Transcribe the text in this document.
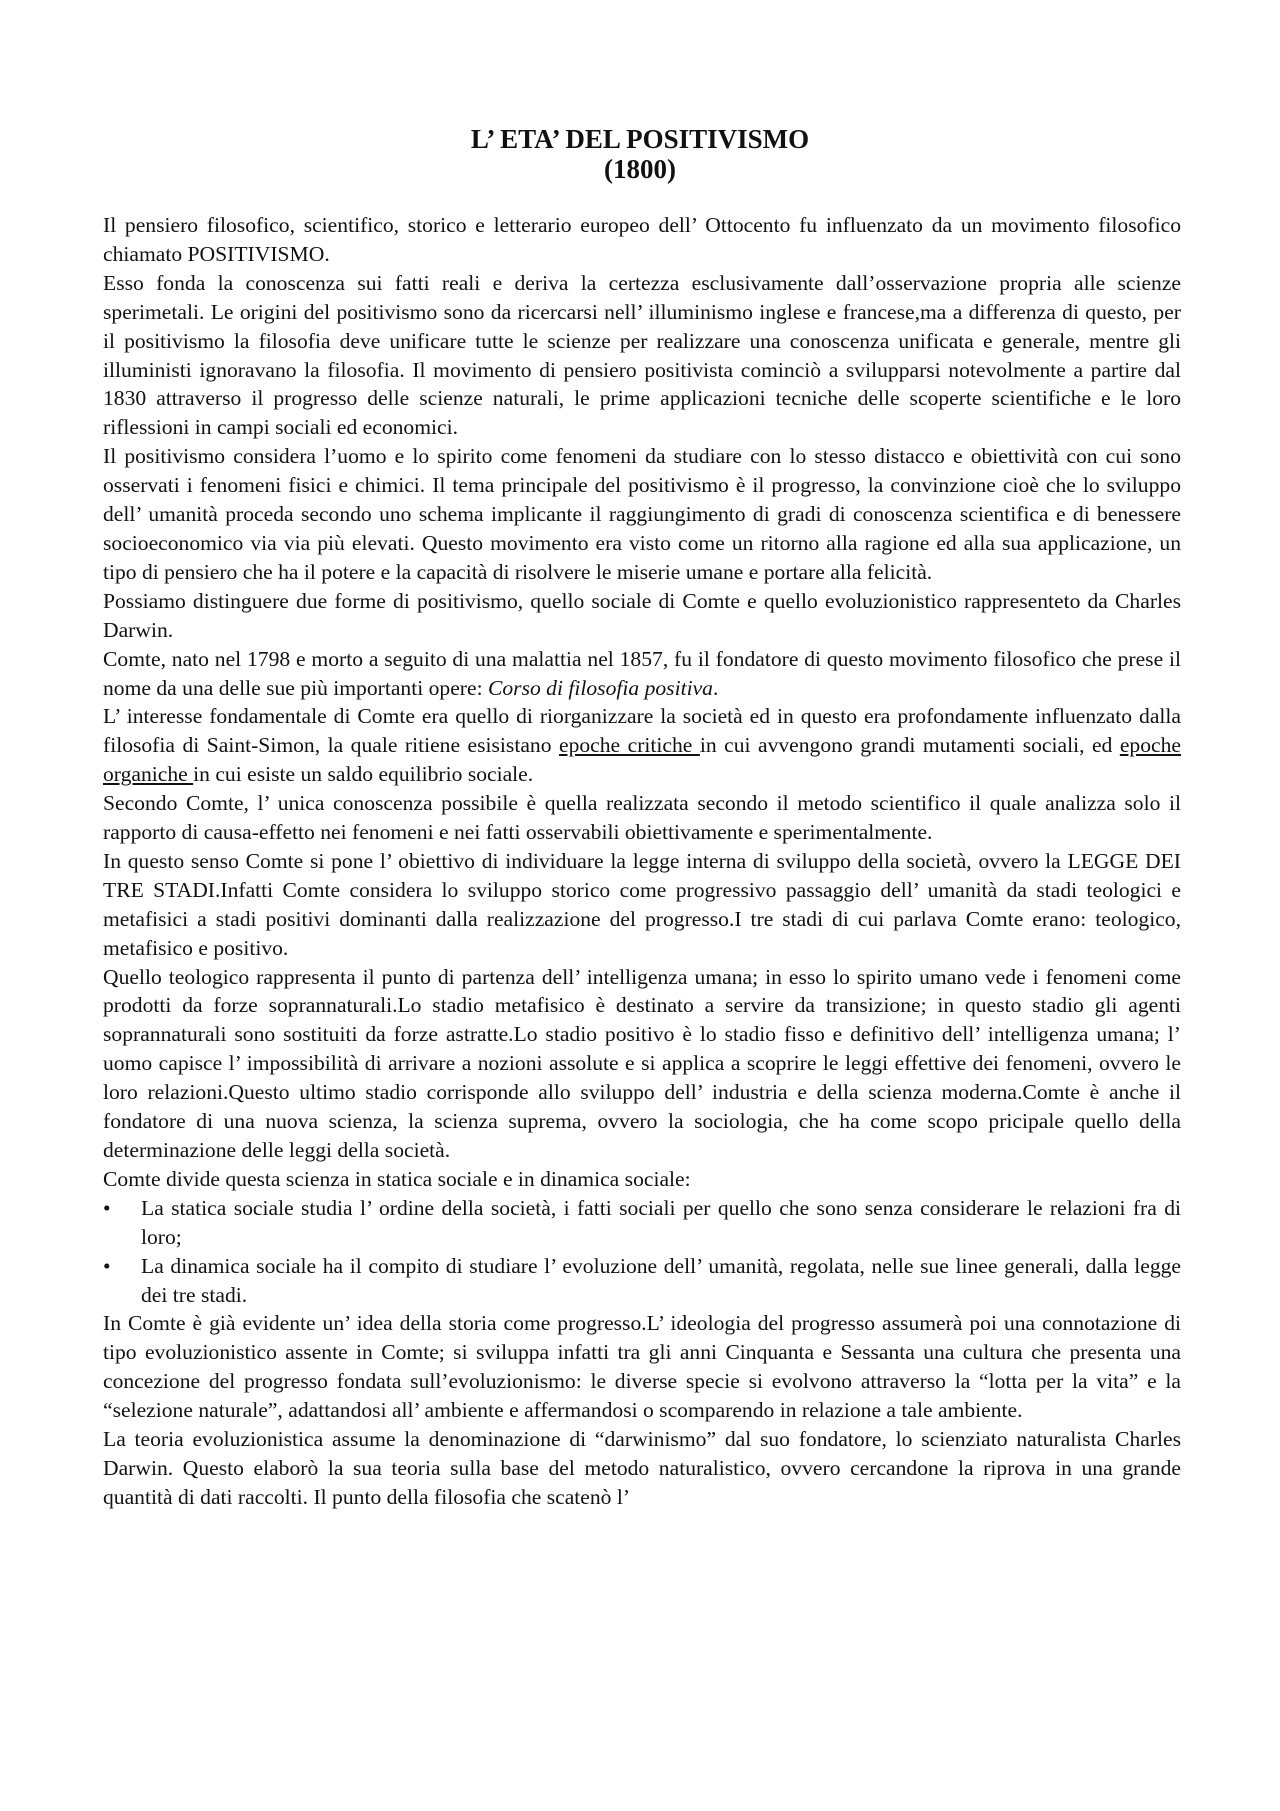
L’ ETA’ DEL POSITIVISMO
(1800)

Il pensiero filosofico, scientifico, storico e letterario europeo dell’ Ottocento fu influenzato da un movimento filosofico chiamato POSITIVISMO.

Esso fonda la conoscenza sui fatti reali e deriva la certezza esclusivamente dall’osservazione propria alle scienze sperimetali. Le origini del positivismo sono da ricercarsi nell’ illuminismo inglese e francese,ma a differenza di questo, per il positivismo la filosofia deve unificare tutte le scienze per realizzare una conoscenza unificata e generale, mentre gli illuministi ignoravano la filosofia. Il movimento di pensiero positivista cominciò a svilupparsi notevolmente a partire dal 1830 attraverso il progresso delle scienze naturali, le prime applicazioni tecniche delle scoperte scientifiche e le loro riflessioni in campi sociali ed economici.

Il positivismo considera l’uomo e lo spirito come fenomeni da studiare con lo stesso distacco e obiettività con cui sono osservati i fenomeni fisici e chimici. Il tema principale del positivismo è il progresso, la convinzione cioè che lo sviluppo dell’ umanità proceda secondo uno schema implicante il raggiungimento di gradi di conoscenza scientifica e di benessere socioeconomico via via più elevati. Questo movimento era visto come un ritorno alla ragione ed alla sua applicazione, un tipo di pensiero che ha il potere e la capacità di risolvere le miserie umane e portare alla felicità.

Possiamo distinguere due forme di positivismo, quello sociale di Comte e quello evoluzionistico rappresenteto da Charles Darwin.

Comte, nato nel 1798 e morto a seguito di una malattia nel 1857, fu il fondatore di questo movimento filosofico che prese il nome da una delle sue più importanti opere: Corso di filosofia positiva.

L’ interesse fondamentale di Comte era quello di riorganizzare la società ed in questo era profondamente influenzato dalla filosofia di Saint-Simon, la quale ritiene esisistano epoche critiche in cui avvengono grandi mutamenti sociali, ed epoche organiche in cui esiste un saldo equilibrio sociale.

Secondo Comte, l’ unica conoscenza possibile è quella realizzata secondo il metodo scientifico il quale analizza solo il rapporto di causa-effetto nei fenomeni e nei fatti osservabili obiettivamente e sperimentalmente.

In questo senso Comte si pone l’ obiettivo di individuare la legge interna di sviluppo della società, ovvero la LEGGE DEI TRE STADI.Infatti Comte considera lo sviluppo storico come progressivo passaggio dell’ umanità da stadi teologici e metafisici a stadi positivi dominanti dalla realizzazione del progresso.I tre stadi di cui parlava Comte erano: teologico, metafisico e positivo.

Quello teologico rappresenta il punto di partenza dell’ intelligenza umana; in esso lo spirito umano vede i fenomeni come prodotti da forze soprannaturali.Lo stadio metafisico è destinato a servire da transizione; in questo stadio gli agenti soprannaturali sono sostituiti da forze astratte.Lo stadio positivo è lo stadio fisso e definitivo dell’ intelligenza umana; l’ uomo capisce l’ impossibilità di arrivare a nozioni assolute e si applica a scoprire le leggi effettive dei fenomeni, ovvero le loro relazioni.Questo ultimo stadio corrisponde allo sviluppo dell’ industria e della scienza moderna.Comte è anche il fondatore di una nuova scienza, la scienza suprema, ovvero la sociologia, che ha come scopo pricipale quello della determinazione delle leggi della società.

Comte divide questa scienza in statica sociale e in dinamica sociale:

•	La statica sociale studia l’ ordine della società, i fatti sociali per quello che sono senza considerare le relazioni fra di loro;
•	La dinamica sociale ha il compito di studiare l’ evoluzione dell’ umanità, regolata, nelle sue linee generali, dalla legge dei tre stadi.

In Comte è già evidente un’ idea della storia come progresso.L’ ideologia del progresso assumerà poi una connotazione di tipo evoluzionistico assente in Comte; si sviluppa infatti tra gli anni Cinquanta e Sessanta una cultura che presenta una concezione del progresso fondata sull’evoluzionismo: le diverse specie si evolvono attraverso la “lotta per la vita” e la “selezione naturale”, adattandosi all’ ambiente e affermandosi o scomparendo in relazione a tale ambiente.

La teoria evoluzionistica assume la denominazione di “darwinismo” dal suo fondatore, lo scienziato naturalista Charles Darwin. Questo elaborò la sua teoria sulla base del metodo naturalistico, ovvero cercandone la riprova in una grande quantità di dati raccolti. Il punto della filosofia che scatenò l’
